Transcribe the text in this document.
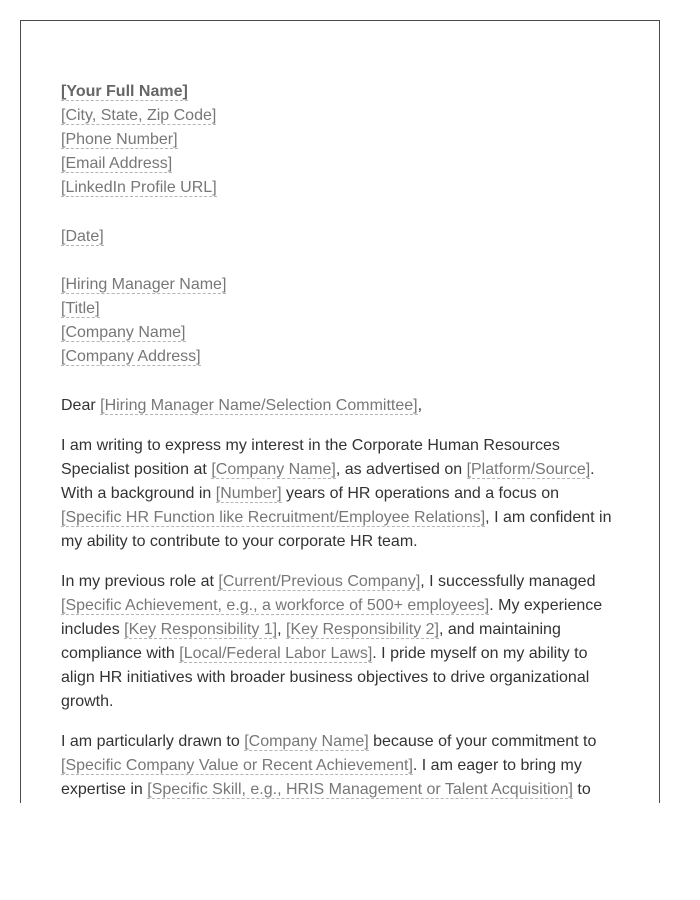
[Your Full Name]
[City, State, Zip Code]
[Phone Number]
[Email Address]
[LinkedIn Profile URL]
[Date]
[Hiring Manager Name]
[Title]
[Company Name]
[Company Address]

Dear [Hiring Manager Name/Selection Committee],

I am writing to express my interest in the Corporate Human Resources
Specialist position at [Company Name], as advertised on [Platform/Source].
With a background in [Number] years of HR operations and a focus on
[Specific HR Function like Recruitment/Employee Relations], I am confident in
my ability to contribute to your corporate HR team.

In my previous role at [Current/Previous Company], I successfully managed
[Specific Achievement, e.g., a workforce of 500+ employees]. My experience
includes [Key Responsibility 1], [Key Responsibility 2], and maintaining
compliance with [Local/Federal Labor Laws]. I pride myself on my ability to
align HR initiatives with broader business objectives to drive organizational
growth.

I am particularly drawn to [Company Name] because of your commitment to
[Specific Company Value or Recent Achievement]. I am eager to bring my
expertise in [Specific Skill, e.g., HRIS Management or Talent Acquisition] to
